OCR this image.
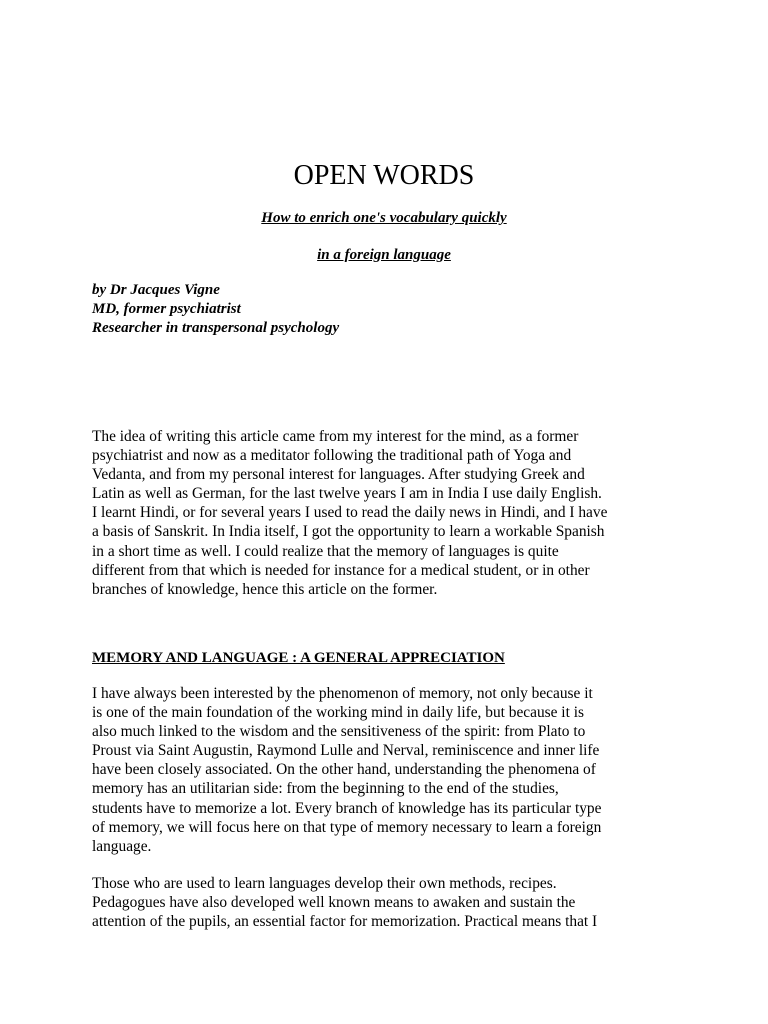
OPEN WORDS

How to enrich one's vocabulary quickly

in a foreign language

by Dr Jacques Vigne
MD, former psychiatrist
Researcher in transpersonal psychology

The idea of writing this article came from my interest for the mind, as a former
psychiatrist and now as a meditator following the traditional path of Yoga and
Vedanta, and from my personal interest for languages. After studying Greek and
Latin as well as German, for the last twelve years I am in India I use daily English.
I learnt Hindi, or for several years I used to read the daily news in Hindi, and I have
a basis of Sanskrit. In India itself, I got the opportunity to learn a workable Spanish
in a short time as well. I could realize that the memory of languages is quite
different from that which is needed for instance for a medical student, or in other
branches of knowledge, hence this article on the former.

MEMORY AND LANGUAGE : A GENERAL APPRECIATION

I have always been interested by the phenomenon of memory, not only because it
is one of the main foundation of the working mind in daily life, but because it is
also much linked to the wisdom and the sensitiveness of the spirit: from Plato to
Proust via Saint Augustin, Raymond Lulle and Nerval, reminiscence and inner life
have been closely associated. On the other hand, understanding the phenomena of
memory has an utilitarian side: from the beginning to the end of the studies,
students have to memorize a lot. Every branch of knowledge has its particular type
of memory, we will focus here on that type of memory necessary to learn a foreign
language.

Those who are used to learn languages develop their own methods, recipes.
Pedagogues have also developed well known means to awaken and sustain the
attention of the pupils, an essential factor for memorization. Practical means that I
